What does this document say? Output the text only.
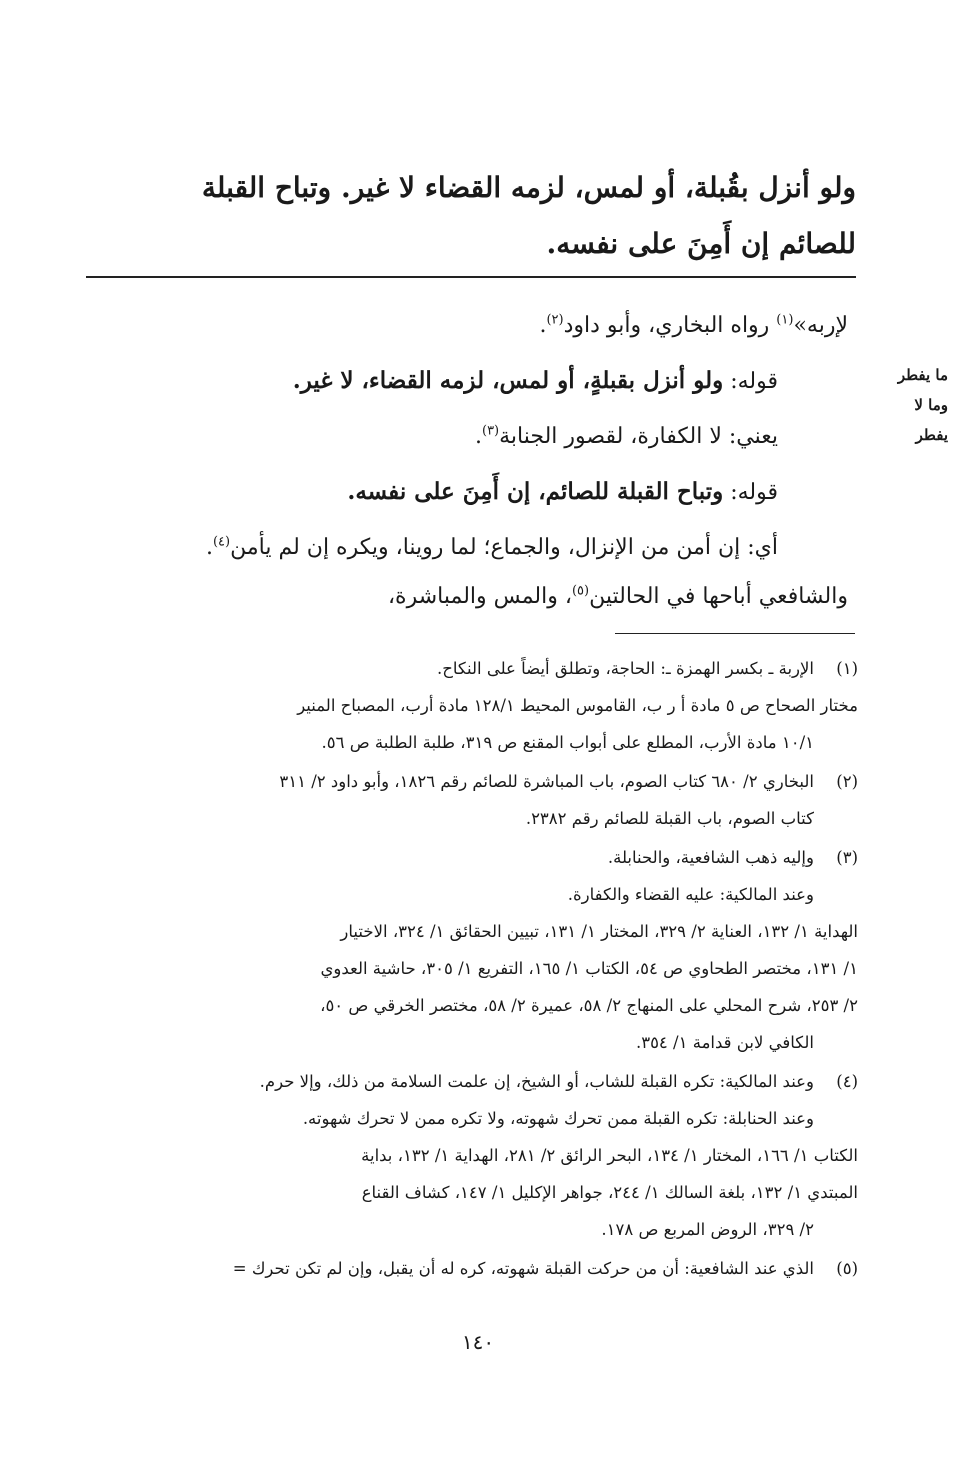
ولو أنزل بقُبلة، أو لمس، لزمه القضاء لا غير. وتباح القبلة
للصائم إن أَمِنَ على نفسه.

لإربه»$^{(١)}$ رواه البخاري، وأبو داود$^{(٢)}$.

قوله: ولو أنزل بقبلةٍ، أو لمس، لزمه القضاء، لا غير.

يعني: لا الكفارة، لقصور الجنابة$^{(٣)}$.

قوله: وتباح القبلة للصائم، إن أَمِنَ على نفسه.

أي: إن أمن من الإنزال، والجماع؛ لما روينا، ويكره إن لم يأمن$^{(٤)}$.

والشافعي أباحها في الحالتين$^{(٥)}$، والمس والمباشرة،

ما يفطر
وما لا
يفطر
(١)
الإربة ـ بكسر الهمزة ـ: الحاجة، وتطلق أيضاً على النكاح.
مختار الصحاح ص ٥ مادة أ ر ب، القاموس المحيط ١٢٨/١ مادة أرب، المصباح المنير
١٠/١ مادة الأرب، المطلع على أبواب المقنع ص ٣١٩، طلبة الطلبة ص ٥٦.
(٢)
البخاري ٢/ ٦٨٠ كتاب الصوم، باب المباشرة للصائم رقم ١٨٢٦، وأبو داود ٢/ ٣١١
كتاب الصوم، باب القبلة للصائم رقم ٢٣٨٢.
(٣)
وإليه ذهب الشافعية، والحنابلة.
وعند المالكية: عليه القضاء والكفارة.
الهداية ١/ ١٣٢، العناية ٢/ ٣٢٩، المختار ١/ ١٣١، تبيين الحقائق ١/ ٣٢٤، الاختيار
١/ ١٣١، مختصر الطحاوي ص ٥٤، الكتاب ١/ ١٦٥، التفريع ١/ ٣٠٥، حاشية العدوي
٢/ ٢٥٣، شرح المحلي على المنهاج ٢/ ٥٨، عميرة ٢/ ٥٨، مختصر الخرقي ص ٥٠،
الكافي لابن قدامة ١/ ٣٥٤.
(٤)
وعند المالكية: تكره القبلة للشاب، أو الشيخ، إن علمت السلامة من ذلك، وإلا حرم.
وعند الحنابلة: تكره القبلة ممن تحرك شهوته، ولا تكره ممن لا تحرك شهوته.
الكتاب ١/ ١٦٦، المختار ١/ ١٣٤، البحر الرائق ٢/ ٢٨١، الهداية ١/ ١٣٢، بداية
المبتدي ١/ ١٣٢، بلغة السالك ١/ ٢٤٤، جواهر الإكليل ١/ ١٤٧، كشاف القناع
٢/ ٣٢٩، الروض المربع ص ١٧٨.
(٥)
الذي عند الشافعية: أن من حركت القبلة شهوته، كره له أن يقبل، وإن لم تكن تحرك =
١٤٠
